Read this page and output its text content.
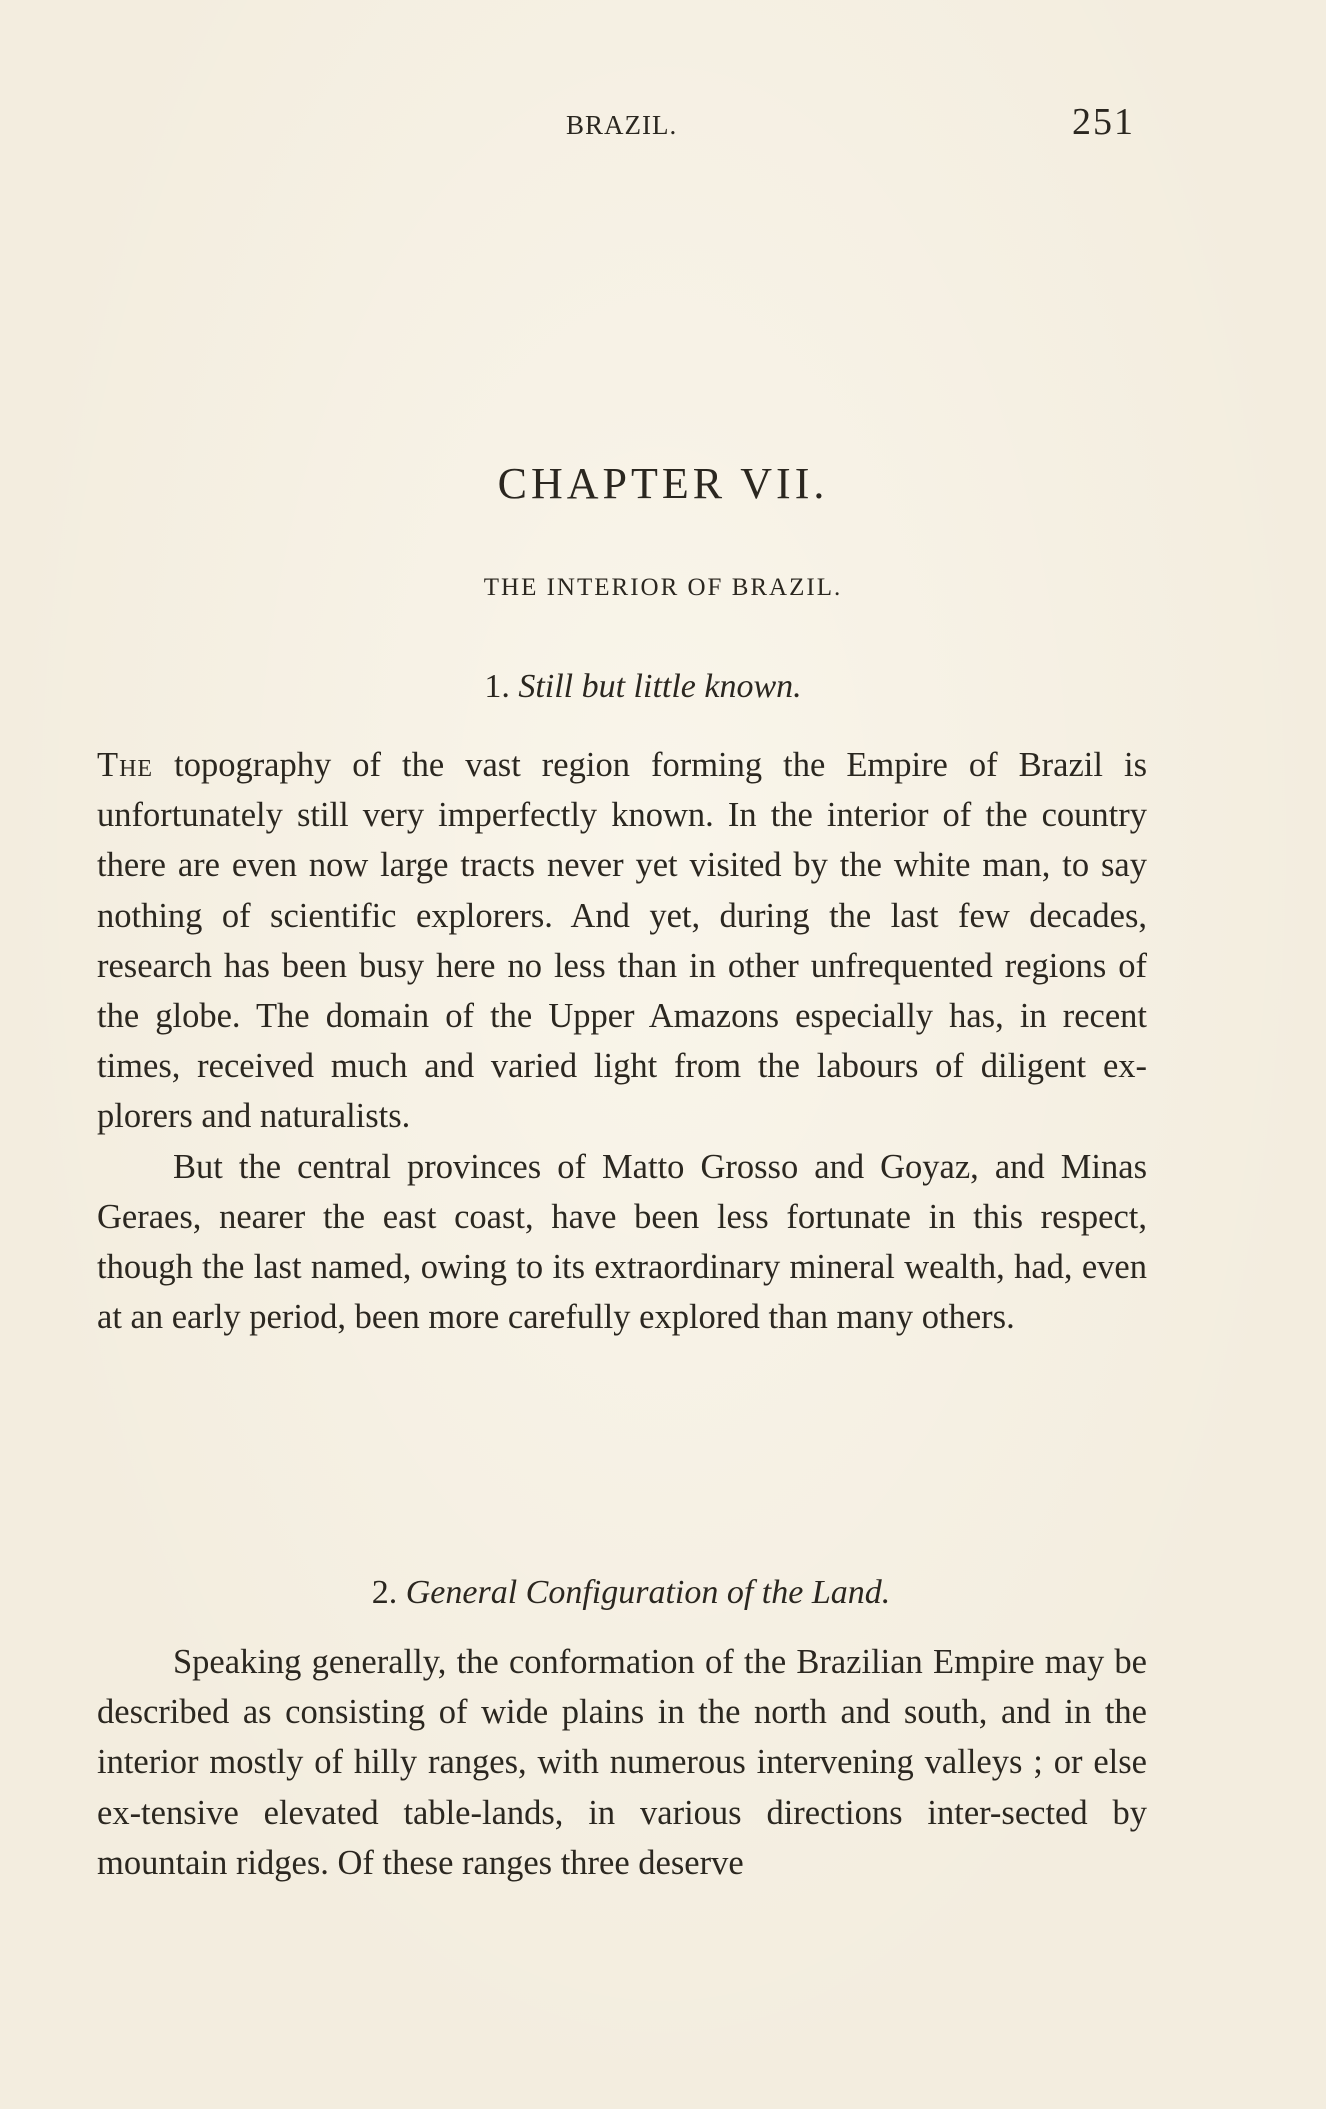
BRAZIL.	251
CHAPTER VII.
THE INTERIOR OF BRAZIL.
1. Still but little known.

The topography of the vast region forming the Empire of Brazil is unfortunately still very imperfectly known. In the interior of the country there are even now large tracts never yet visited by the white man, to say nothing of scientific explorers. And yet, during the last few decades, research has been busy here no less than in other unfrequented regions of the globe. The domain of the Upper Amazons especially has, in recent times, received much and varied light from the labours of diligent ex-plorers and naturalists.

But the central provinces of Matto Grosso and Goyaz, and Minas Geraes, nearer the east coast, have been less fortunate in this respect, though the last named, owing to its extraordinary mineral wealth, had, even at an early period, been more carefully explored than many others.

2. General Configuration of the Land.

Speaking generally, the conformation of the Brazilian Empire may be described as consisting of wide plains in the north and south, and in the interior mostly of hilly ranges, with numerous intervening valleys ; or else ex-tensive elevated table-lands, in various directions inter-sected by mountain ridges. Of these ranges three deserve
